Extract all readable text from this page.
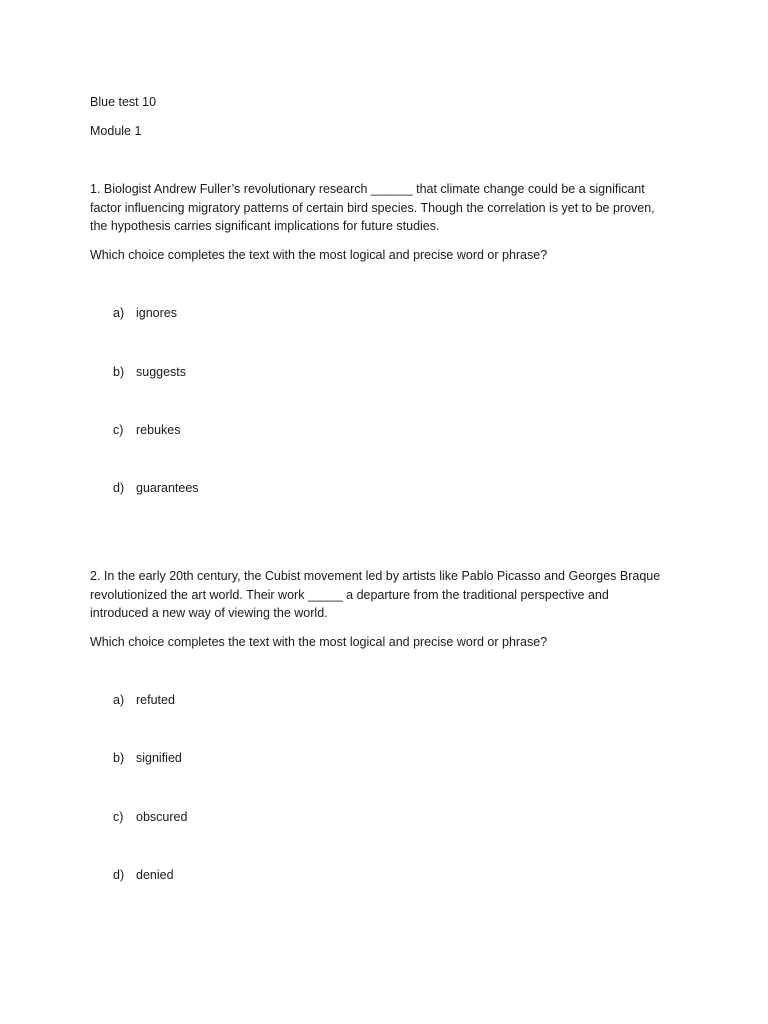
Blue test 10

Module 1

1. Biologist Andrew Fuller’s revolutionary research ______ that climate change could be a significant
factor influencing migratory patterns of certain bird species. Though the correlation is yet to be proven,
the hypothesis carries significant implications for future studies.

Which choice completes the text with the most logical and precise word or phrase?

a) ignores

b) suggests

c) rebukes

d) guarantees

2. In the early 20th century, the Cubist movement led by artists like Pablo Picasso and Georges Braque
revolutionized the art world. Their work _____ a departure from the traditional perspective and
introduced a new way of viewing the world.

Which choice completes the text with the most logical and precise word or phrase?

a) refuted

b) signified

c) obscured

d) denied
